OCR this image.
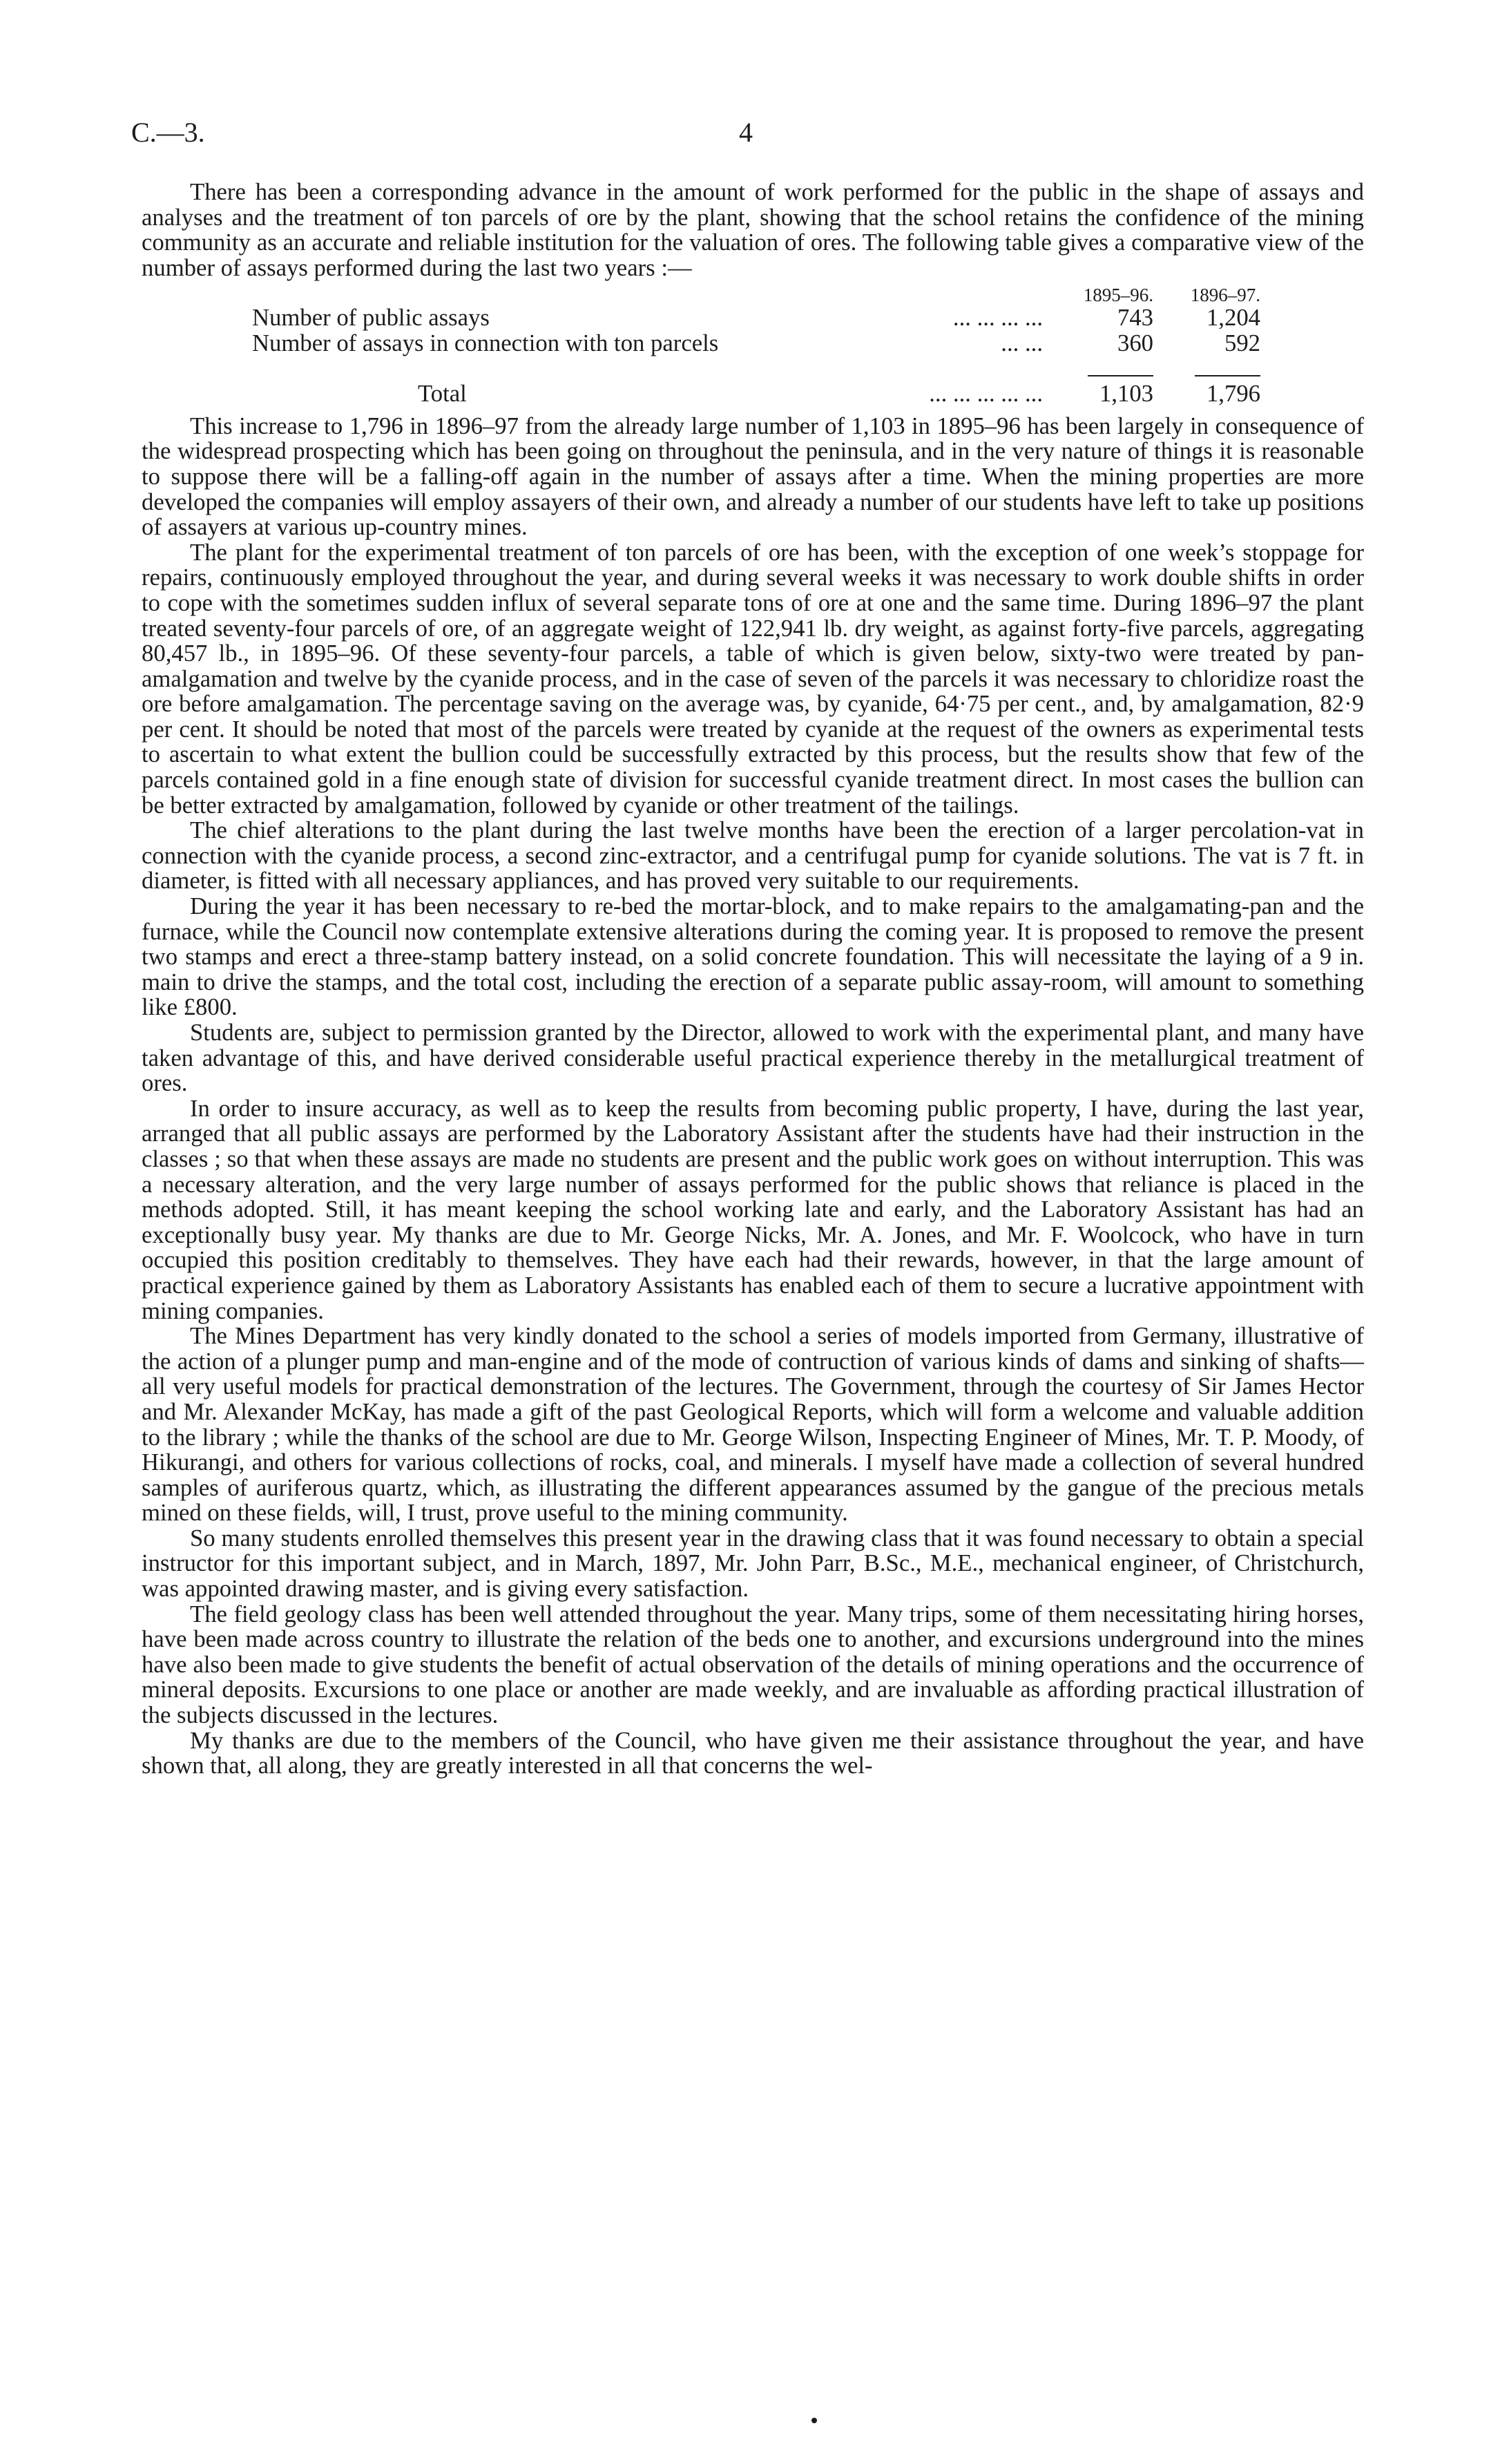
C.—3.	4

There has been a corresponding advance in the amount of work performed for the public in the shape of assays and analyses and the treatment of ton parcels of ore by the plant, showing that the school retains the confidence of the mining community as an accurate and reliable institution for the valuation of ores. The following table gives a comparative view of the number of assays performed during the last two years :—

		1895–96.	1896–97.
Number of public assays	... ... ... ...	743	1,204
Number of assays in connection with ton parcels	... ...	360	592

Total	... ... ... ... ...	1,103	1,796

This increase to 1,796 in 1896–97 from the already large number of 1,103 in 1895–96 has been largely in consequence of the widespread prospecting which has been going on throughout the peninsula, and in the very nature of things it is reasonable to suppose there will be a falling-off again in the number of assays after a time. When the mining properties are more developed the companies will employ assayers of their own, and already a number of our students have left to take up positions of assayers at various up-country mines.

The plant for the experimental treatment of ton parcels of ore has been, with the exception of one week’s stoppage for repairs, continuously employed throughout the year, and during several weeks it was necessary to work double shifts in order to cope with the sometimes sudden influx of several separate tons of ore at one and the same time. During 1896–97 the plant treated seventy-four parcels of ore, of an aggregate weight of 122,941 lb. dry weight, as against forty-five parcels, aggregating 80,457 lb., in 1895–96. Of these seventy-four parcels, a table of which is given below, sixty-two were treated by pan-amalgamation and twelve by the cyanide process, and in the case of seven of the parcels it was necessary to chloridize roast the ore before amalgamation. The percentage saving on the average was, by cyanide, 64·75 per cent., and, by amalgamation, 82·9 per cent. It should be noted that most of the parcels were treated by cyanide at the request of the owners as experimental tests to ascertain to what extent the bullion could be successfully extracted by this process, but the results show that few of the parcels contained gold in a fine enough state of division for successful cyanide treatment direct. In most cases the bullion can be better extracted by amalgamation, followed by cyanide or other treatment of the tailings.

The chief alterations to the plant during the last twelve months have been the erection of a larger percolation-vat in connection with the cyanide process, a second zinc-extractor, and a centrifugal pump for cyanide solutions. The vat is 7 ft. in diameter, is fitted with all necessary appliances, and has proved very suitable to our requirements.

During the year it has been necessary to re-bed the mortar-block, and to make repairs to the amalgamating-pan and the furnace, while the Council now contemplate extensive alterations during the coming year. It is proposed to remove the present two stamps and erect a three-stamp battery instead, on a solid concrete foundation. This will necessitate the laying of a 9 in. main to drive the stamps, and the total cost, including the erection of a separate public assay-room, will amount to something like £800.

Students are, subject to permission granted by the Director, allowed to work with the experimental plant, and many have taken advantage of this, and have derived considerable useful practical experience thereby in the metallurgical treatment of ores.

In order to insure accuracy, as well as to keep the results from becoming public property, I have, during the last year, arranged that all public assays are performed by the Laboratory Assistant after the students have had their instruction in the classes ; so that when these assays are made no students are present and the public work goes on without interruption. This was a necessary alteration, and the very large number of assays performed for the public shows that reliance is placed in the methods adopted. Still, it has meant keeping the school working late and early, and the Laboratory Assistant has had an exceptionally busy year. My thanks are due to Mr. George Nicks, Mr. A. Jones, and Mr. F. Woolcock, who have in turn occupied this position creditably to themselves. They have each had their rewards, however, in that the large amount of practical experience gained by them as Laboratory Assistants has enabled each of them to secure a lucrative appointment with mining companies.

The Mines Department has very kindly donated to the school a series of models imported from Germany, illustrative of the action of a plunger pump and man-engine and of the mode of contruction of various kinds of dams and sinking of shafts—all very useful models for practical demonstration of the lectures. The Government, through the courtesy of Sir James Hector and Mr. Alexander McKay, has made a gift of the past Geological Reports, which will form a welcome and valuable addition to the library ; while the thanks of the school are due to Mr. George Wilson, Inspecting Engineer of Mines, Mr. T. P. Moody, of Hikurangi, and others for various collections of rocks, coal, and minerals. I myself have made a collection of several hundred samples of auriferous quartz, which, as illustrating the different appearances assumed by the gangue of the precious metals mined on these fields, will, I trust, prove useful to the mining community.

So many students enrolled themselves this present year in the drawing class that it was found necessary to obtain a special instructor for this important subject, and in March, 1897, Mr. John Parr, B.Sc., M.E., mechanical engineer, of Christchurch, was appointed drawing master, and is giving every satisfaction.

The field geology class has been well attended throughout the year. Many trips, some of them necessitating hiring horses, have been made across country to illustrate the relation of the beds one to another, and excursions underground into the mines have also been made to give students the benefit of actual observation of the details of mining operations and the occurrence of mineral deposits. Excursions to one place or another are made weekly, and are invaluable as affording practical illustration of the subjects discussed in the lectures.

My thanks are due to the members of the Council, who have given me their assistance throughout the year, and have shown that, all along, they are greatly interested in all that concerns the wel-
